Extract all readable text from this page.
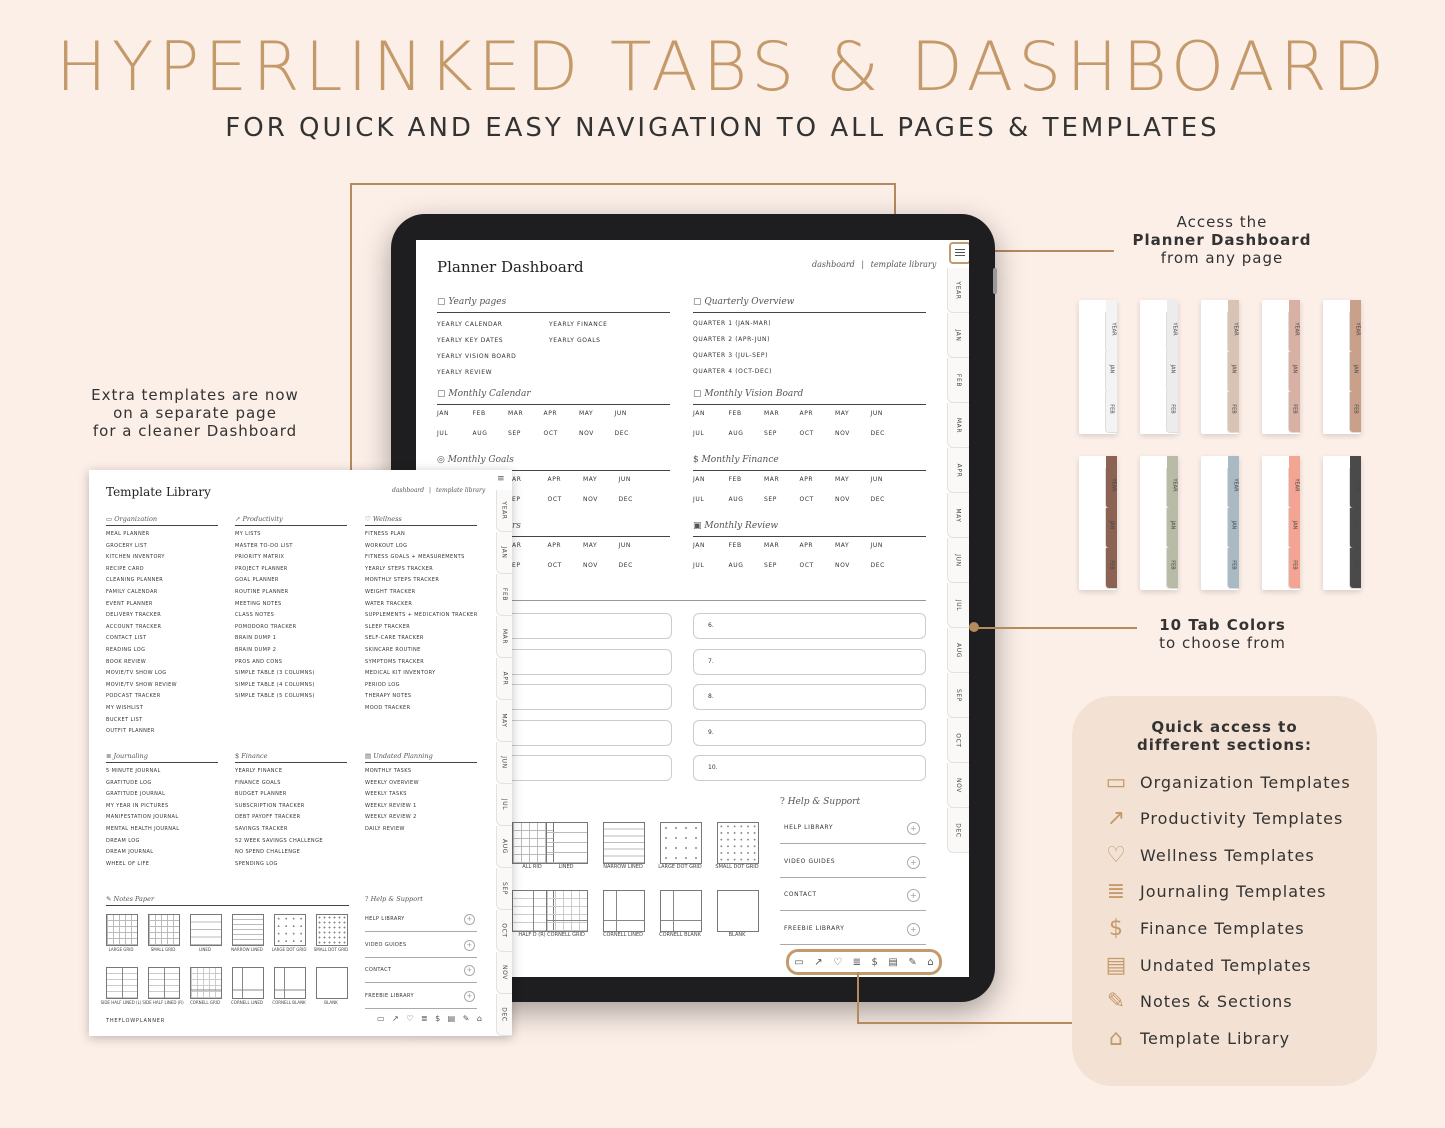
HYPERLINKED TABS & DASHBOARD
FOR QUICK AND EASY NAVIGATION TO ALL PAGES & TEMPLATES
Access the
Planner Dashboard
from any page
Extra templates are now
on a separate page
for a cleaner Dashboard
Planner Dashboard	dashboard | template library
YEAR
JAN
FEB
MAR
APR
MAY
JUN
JUL
AUG
SEP
OCT
NOV
DEC
▢ Yearly pages
YEARLY CALENDAR
YEARLY KEY DATES
YEARLY VISION BOARD
YEARLY REVIEW
YEARLY FINANCE
YEARLY GOALS
▢ Quarterly Overview
QUARTER 1 (JAN-MAR)
QUARTER 2 (APR-JUN)
QUARTER 3 (JUL-SEP)
QUARTER 4 (OCT-DEC)
▢ Monthly Calendar
JAN	FEB	MAR	APR	MAY	JUN
JUL	AUG	SEP	OCT	NOV	DEC
▢ Monthly Vision Board
JAN	FEB	MAR	APR	MAY	JUN
JUL	AUG	SEP	OCT	NOV	DEC
◎ Monthly Goals
AR	APR	MAY	JUN
EP	OCT	NOV	DEC
$ Monthly Finance
JAN	FEB	MAR	APR	MAY	JUN
JUL	AUG	SEP	OCT	NOV	DEC
rs
AR	APR	MAY	JUN
EP	OCT	NOV	DEC
▣ Monthly Review
JAN	FEB	MAR	APR	MAY	JUN
JUL	AUG	SEP	OCT	NOV	DEC
? Help & Support
▭ ↗ ♡ ≣ $ ▤ ✎ ⌂
6.
7.
8.
9.
10.
ALL RID	LINED	NARROW LINED	LARGE DOT GRID	SMALL DOT GRID
HALF D (R) CORNELL GRID	CORNELL LINED	CORNELL BLANK	BLANK
HELP LIBRARY	+
VIDEO GUIDES	+
CONTACT	+
FREEBIE LIBRARY	+
Template Library	dashboard | template library
≡
YEAR
JAN
FEB
MAR
APR
MAY
JUN
JUL
AUG
SEP
OCT
NOV
DEC
THEFLOWPLANNER	▭ ↗ ♡ ≣ $ ▤ ✎ ⌂
▭ Organization
MEAL PLANNER
GROCERY LIST
KITCHEN INVENTORY
RECIPE CARD
CLEANING PLANNER
FAMILY CALENDAR
EVENT PLANNER
DELIVERY TRACKER
ACCOUNT TRACKER
CONTACT LIST
READING LOG
BOOK REVIEW
MOVIE/TV SHOW LOG
MOVIE/TV SHOW REVIEW
PODCAST TRACKER
MY WISHLIST
BUCKET LIST
OUTFIT PLANNER
↗ Productivity
MY LISTS
MASTER TO-DO LIST
PRIORITY MATRIX
PROJECT PLANNER
GOAL PLANNER
ROUTINE PLANNER
MEETING NOTES
CLASS NOTES
POMODORO TRACKER
BRAIN DUMP 1
BRAIN DUMP 2
PROS AND CONS
SIMPLE TABLE (3 COLUMNS)
SIMPLE TABLE (4 COLUMNS)
SIMPLE TABLE (5 COLUMNS)
♡ Wellness
FITNESS PLAN
WORKOUT LOG
FITNESS GOALS + MEASUREMENTS
YEARLY STEPS TRACKER
MONTHLY STEPS TRACKER
WEIGHT TRACKER
WATER TRACKER
SUPPLEMENTS + MEDICATION TRACKER
SLEEP TRACKER
SELF-CARE TRACKER
SKINCARE ROUTINE
SYMPTOMS TRACKER
MEDICAL KIT INVENTORY
PERIOD LOG
THERAPY NOTES
MOOD TRACKER
≣ Journaling
5 MINUTE JOURNAL
GRATITUDE LOG
GRATITUDE JOURNAL
MY YEAR IN PICTURES
MANIFESTATION JOURNAL
MENTAL HEALTH JOURNAL
DREAM LOG
DREAM JOURNAL
WHEEL OF LIFE
$ Finance
YEARLY FINANCE
FINANCE GOALS
BUDGET PLANNER
SUBSCRIPTION TRACKER
DEBT PAYOFF TRACKER
SAVINGS TRACKER
52 WEEK SAVINGS CHALLENGE
NO SPEND CHALLENGE
SPENDING LOG
▤ Undated Planning
MONTHLY TASKS
WEEKLY OVERVIEW
WEEKLY TASKS
WEEKLY REVIEW 1
WEEKLY REVIEW 2
DAILY REVIEW
✎ Notes Paper
LARGE GRID	SMALL GRID	LINED	NARROW LINED	LARGE DOT GRID	SMALL DOT GRID
SIDE HALF LINED (L) SIDE HALF LINED (R)	CORNELL GRID	CORNELL LINED	CORNELL BLANK	BLANK
? Help & Support
HELP LIBRARY	+
VIDEO GUIDES	+
CONTACT	+
FREEBIE LIBRARY	+
10 Tab Colors
to choose from
Quick access to
different sections:
▭ Organization Templates
↗ Productivity Templates
♡ Wellness Templates
≣ Journaling Templates
$	Finance Templates
▤ Undated Templates
✎ Notes & Sections
⌂	Template Library
YEAR
JAN
FEB
YEAR
JAN
FEB
YEAR
JAN
FEB
YEAR
JAN
FEB
YEAR
JAN
FEB
YEAR
JAN
FEB
YEAR
JAN
FEB
YEAR
JAN
FEB
YEAR
JAN
FEB
YEAR
JAN
FEB
